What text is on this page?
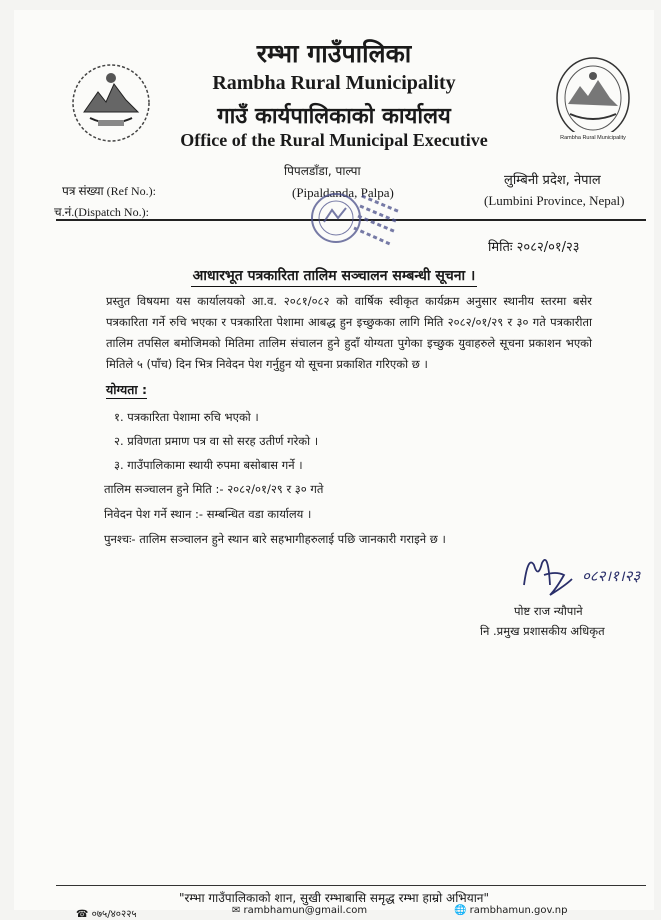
Rambha Rural Municipality
रम्भा गाउँपालिका
Rambha Rural Municipality
गाउँ कार्यपालिकाको कार्यालय
Office of the Rural Municipal Executive
पिपलडाँडा, पाल्पा
(Pipaldanda, Palpa)
पत्र संख्या (Ref No.):
च.नं.(Dispatch No.):
लुम्बिनी प्रदेश, नेपाल
(Lumbini Province, Nepal)
मितिः २०८२/०१/२३
आधारभूत पत्रकारिता तालिम सञ्चालन सम्बन्धी सूचना ।
प्रस्तुत विषयमा यस कार्यालयको आ.व. २०८१/०८२ को वार्षिक स्वीकृत कार्यक्रम अनुसार स्थानीय स्तरमा बसेर पत्रकारिता गर्ने रुचि भएका र पत्रकारिता पेशामा आबद्ध हुन इच्छुकका लागि मिति २०८२/०१/२९ र ३० गते पत्रकारीता तालिम तपसिल बमोजिमको मितिमा तालिम संचालन हुने हुदाँ योग्यता पुगेका इच्छुक युवाहरुले सूचना प्रकाशन भएको मितिले ५ (पाँच) दिन भित्र निवेदन पेश गर्नुहुन यो सूचना प्रकाशित गरिएको छ ।
योग्यता :
१. पत्रकारिता पेशामा रुचि भएको ।
२. प्रविणता प्रमाण पत्र वा सो सरह उतीर्ण गरेको ।
३. गाउँपालिकामा स्थायी रुपमा बसोबास गर्ने ।
तालिम सञ्चालन हुने मिति :- २०८२/०१/२९ र ३० गते
निवेदन पेश गर्ने स्थान :- सम्बन्धित वडा कार्यालय ।
पुनश्चः- तालिम सञ्चालन हुने स्थान बारे सहभागीहरुलाई पछि जानकारी गराइने छ ।
०८२।१।२३
पोष्ट राज न्यौपाने
नि .प्रमुख प्रशासकीय अधिकृत
"रम्भा गाउँपालिकाको शान, सुखी रम्भाबासि समृद्ध रम्भा हाम्रो अभियान"
☎ ०७५/४०२२५	✉ rambhamun@gmail.com	🌐 rambhamun.gov.np
